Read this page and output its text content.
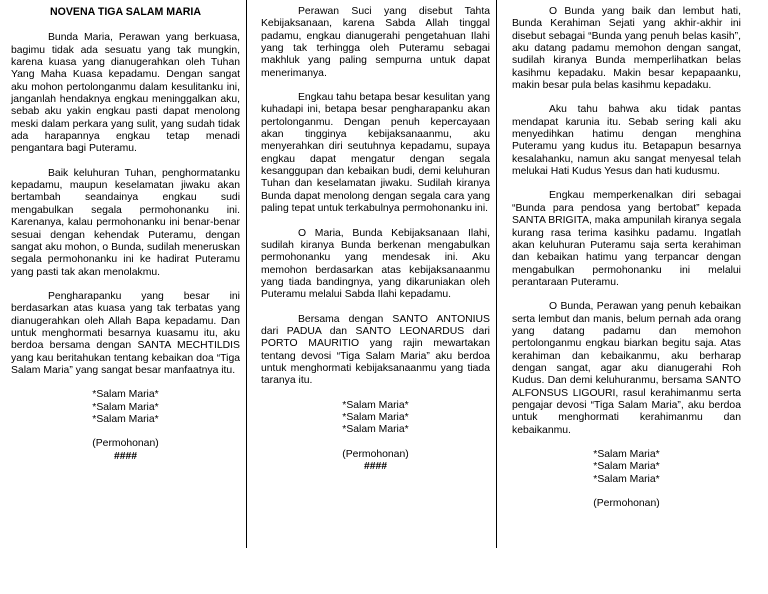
NOVENA TIGA SALAM MARIA

Bunda Maria, Perawan yang berkuasa, bagimu tidak ada sesuatu yang tak mungkin, karena kuasa yang dianugerahkan oleh Tuhan Yang Maha Kuasa kepadamu. Dengan sangat aku mohon pertolonganmu dalam kesulitanku ini, janganlah hendaknya engkau meninggalkan aku, sebab aku yakin engkau pasti dapat menolong meski dalam perkara yang sulit, yang sudah tidak ada harapannya engkau tetap menadi pengantara bagi Puteramu.

Baik keluhuran Tuhan, penghormatanku kepadamu, maupun keselamatan jiwaku akan bertambah seandainya engkau sudi mengabulkan segala permohonanku ini. Karenanya, kalau permohonanku ini benar-benar sesuai dengan kehendak Puteramu, dengan sangat aku mohon, o Bunda, sudilah meneruskan segala permohonanku ini ke hadirat Puteramu yang pasti tak akan menolakmu.

Pengharapanku yang besar ini berdasarkan atas kuasa yang tak terbatas yang dianugerahkan oleh Allah Bapa kepadamu. Dan untuk menghormati besarnya kuasamu itu, aku berdoa bersama dengan SANTA MECHTILDIS yang kau beritahukan tentang kebaikan doa “Tiga Salam Maria” yang sangat besar manfaatnya itu.

*Salam Maria*
*Salam Maria*
*Salam Maria*
(Permohonan)
####

Perawan Suci yang disebut Tahta Kebijaksanaan, karena Sabda Allah tinggal padamu, engkau dianugerahi pengetahuan Ilahi yang tak terhingga oleh Puteramu sebagai makhluk yang paling sempurna untuk dapat menerimanya.

Engkau tahu betapa besar kesulitan yang kuhadapi ini, betapa besar pengharapanku akan pertolonganmu. Dengan penuh kepercayaan akan tingginya kebijaksanaanmu, aku menyerahkan diri seutuhnya kepadamu, supaya engkau dapat mengatur dengan segala kesanggupan dan kebaikan budi, demi keluhuran Tuhan dan keselamatan jiwaku. Sudilah kiranya Bunda dapat menolong dengan segala cara yang paling tepat untuk terkabulnya permohonanku ini.

O Maria, Bunda Kebijaksanaan Ilahi, sudilah kiranya Bunda berkenan mengabulkan permohonanku yang mendesak ini. Aku memohon berdasarkan atas kebijaksanaanmu yang tiada bandingnya, yang dikaruniakan oleh Puteramu melalui Sabda Ilahi kepadamu.

Bersama dengan SANTO ANTONIUS dari PADUA dan SANTO LEONARDUS dari PORTO MAURITIO yang rajin mewartakan tentang devosi “Tiga Salam Maria” aku berdoa untuk menghormati kebijaksanaanmu yang tiada taranya itu.

*Salam Maria*
*Salam Maria*
*Salam Maria*
(Permohonan)
####

O Bunda yang baik dan lembut hati, Bunda Kerahiman Sejati yang akhir-akhir ini disebut sebagai “Bunda yang penuh belas kasih”, aku datang padamu memohon dengan sangat, sudilah kiranya Bunda memperlihatkan belas kasihmu kepadaku. Makin besar kepapaanku, makin besar pula belas kasihmu kepadaku.

Aku tahu bahwa aku tidak pantas mendapat karunia itu. Sebab sering kali aku menyedihkan hatimu dengan menghina Puteramu yang kudus itu. Betapapun besarnya kesalahanku, namun aku sangat menyesal telah melukai Hati Kudus Yesus dan hati kudusmu.

Engkau memperkenalkan diri sebagai “Bunda para pendosa yang bertobat” kepada SANTA BRIGITA, maka ampunilah kiranya segala kurang rasa terima kasihku padamu. Ingatlah akan keluhuran Puteramu saja serta kerahiman dan kebaikan hatimu yang terpancar dengan mengabulkan permohonanku ini melalui perantaraan Puteramu.

O Bunda, Perawan yang penuh kebaikan serta lembut dan manis, belum pernah ada orang yang datang padamu dan memohon pertolonganmu engkau biarkan begitu saja. Atas kerahiman dan kebaikanmu, aku berharap dengan sangat, agar aku dianugerahi Roh Kudus. Dan demi keluhuranmu, bersama SANTO ALFONSUS LIGOURI, rasul kerahimanmu serta pengajar devosi “Tiga Salam Maria”, aku berdoa untuk menghormati kerahimanmu dan kebaikanmu.

*Salam Maria*
*Salam Maria*
*Salam Maria*
(Permohonan)
